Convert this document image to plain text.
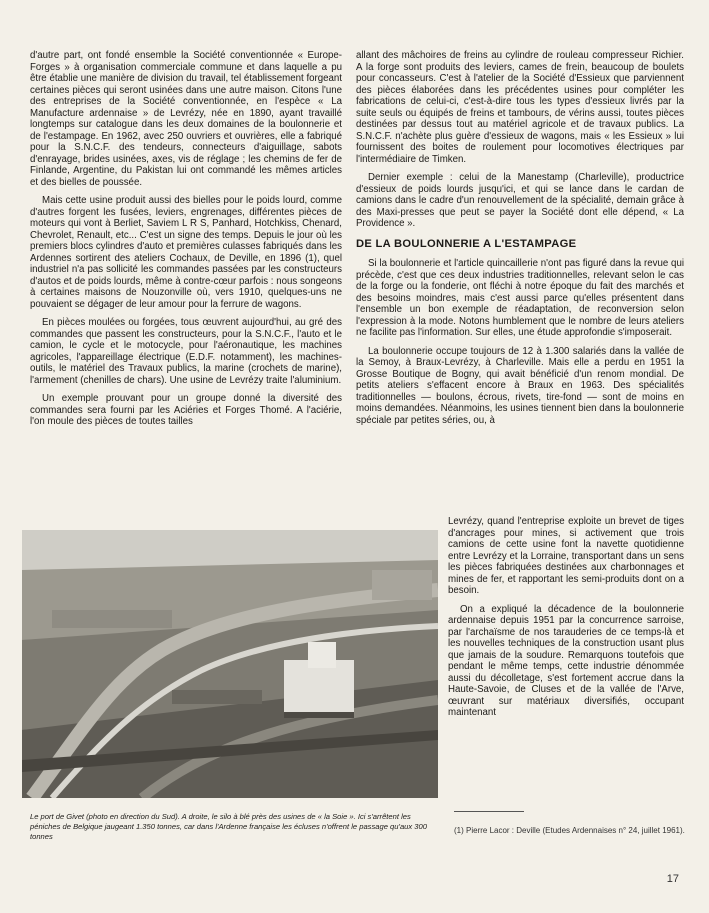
d'autre part, ont fondé ensemble la Société conventionnée « Europe-Forges » à organisation commerciale commune et dans laquelle a pu être établie une manière de division du travail, tel établissement forgeant certaines pièces qui seront usinées dans une autre maison. Citons l'une des entreprises de la Société conventionnée, en l'espèce « La Manufacture ardennaise » de Levrézy, née en 1890, ayant travaillé longtemps sur catalogue dans les deux domaines de la boulonnerie et de l'estampage. En 1962, avec 250 ouvriers et ouvrières, elle a fabriqué pour la S.N.C.F. des tendeurs, connecteurs d'aiguillage, sabots d'enrayage, brides usinées, axes, vis de réglage ; les chemins de fer de Finlande, Argentine, du Pakistan lui ont commandé les mêmes articles et des bielles de poussée.

Mais cette usine produit aussi des bielles pour le poids lourd, comme d'autres forgent les fusées, leviers, engrenages, différentes pièces de moteurs qui vont à Berliet, Saviem L R S, Panhard, Hotchkiss, Chenard, Chevrolet, Renault, etc... C'est un signe des temps. Depuis le jour où les premiers blocs cylindres d'auto et premières culasses fabriqués dans les Ardennes sortirent des ateliers Cochaux, de Deville, en 1896 (1), quel industriel n'a pas sollicité les commandes passées par les constructeurs d'autos et de poids lourds, même à contre-cœur parfois : nous songeons à certaines maisons de Nouzonville où, vers 1910, quelques-uns ne pouvaient se dégager de leur amour pour la ferrure de wagons.

En pièces moulées ou forgées, tous œuvrent aujourd'hui, au gré des commandes que passent les constructeurs, pour la S.N.C.F., l'auto et le camion, le cycle et le motocycle, pour l'aéronautique, les machines agricoles, l'appareillage électrique (E.D.F. notamment), les machines-outils, le matériel des Travaux publics, la marine (crochets de marine), l'armement (chenilles de chars). Une usine de Levrézy traite l'aluminium.

Un exemple prouvant pour un groupe donné la diversité des commandes sera fourni par les Aciéries et Forges Thomé. A l'aciérie, l'on moule des pièces de toutes tailles

allant des mâchoires de freins au cylindre de rouleau compresseur Richier. A la forge sont produits des leviers, cames de frein, beaucoup de boulets pour concasseurs. C'est à l'atelier de la Société d'Essieux que parviennent des pièces élaborées dans les précédentes usines pour compléter les fabrications de celui-ci, c'est-à-dire tous les types d'essieux livrés par la suite seuls ou équipés de freins et tambours, de vérins aussi, toutes pièces destinées par dessus tout au matériel agricole et de travaux publics. La S.N.C.F. n'achète plus guère d'essieux de wagons, mais « les Essieux » lui fournissent des boites de roulement pour locomotives électriques par l'intermédiaire de Timken.

Dernier exemple : celui de la Manestamp (Charleville), productrice d'essieux de poids lourds jusqu'ici, et qui se lance dans le cardan de camions dans le cadre d'un renouvellement de la spécialité, demain grâce à des Maxi-presses que peut se payer la Société dont elle dépend, « La Providence ».

DE LA BOULONNERIE A L'ESTAMPAGE

Si la boulonnerie et l'article quincaillerie n'ont pas figuré dans la revue qui précède, c'est que ces deux industries traditionnelles, relevant selon le cas de la forge ou la fonderie, ont fléchi à notre époque du fait des marchés et des besoins moindres, mais c'est aussi parce qu'elles présentent dans l'ensemble un bon exemple de réadaptation, de reconversion selon l'expression à la mode. Notons humblement que le nombre de leurs ateliers ne facilite pas l'information. Sur elles, une étude approfondie s'imposerait.

La boulonnerie occupe toujours de 12 à 1.300 salariés dans la vallée de la Semoy, à Braux-Levrézy, à Charleville. Mais elle a perdu en 1951 la Grosse Boutique de Bogny, qui avait bénéficié d'un renom mondial. De petits ateliers s'effacent encore à Braux en 1963. Des spécialités traditionnelles — boulons, écrous, rivets, tire-fond — sont de moins en moins demandées. Néanmoins, les usines tiennent bien dans la boulonnerie spéciale par petites séries, ou, à

Levrézy, quand l'entreprise exploite un brevet de tiges d'ancrages pour mines, si activement que trois camions de cette usine font la navette quotidienne entre Levrézy et la Lorraine, transportant dans un sens les pièces fabriquées destinées aux charbonnages et mines de fer, et rapportant les semi-produits dont on a besoin.

On a expliqué la décadence de la boulonnerie ardennaise depuis 1951 par la concurrence sarroise, par l'archaïsme de nos tarauderies de ce temps-là et les nouvelles techniques de la construction usant plus que jamais de la soudure. Remarquons toutefois que pendant le même temps, cette industrie dénommée aussi du décolletage, s'est fortement accrue dans la Haute-Savoie, de Cluses et de la vallée de l'Arve, œuvrant sur matériaux diversifiés, occupant maintenant

Le port de Givet (photo en direction du Sud). A droite, le silo à blé près des usines de « la Soie ». Ici s'arrêtent les péniches de Belgique jaugeant 1.350 tonnes, car dans l'Ardenne française les écluses n'offrent le passage qu'aux 300 tonnes
(1) Pierre Lacor : Deville (Etudes Ardennaises n° 24, juillet 1961).
17
